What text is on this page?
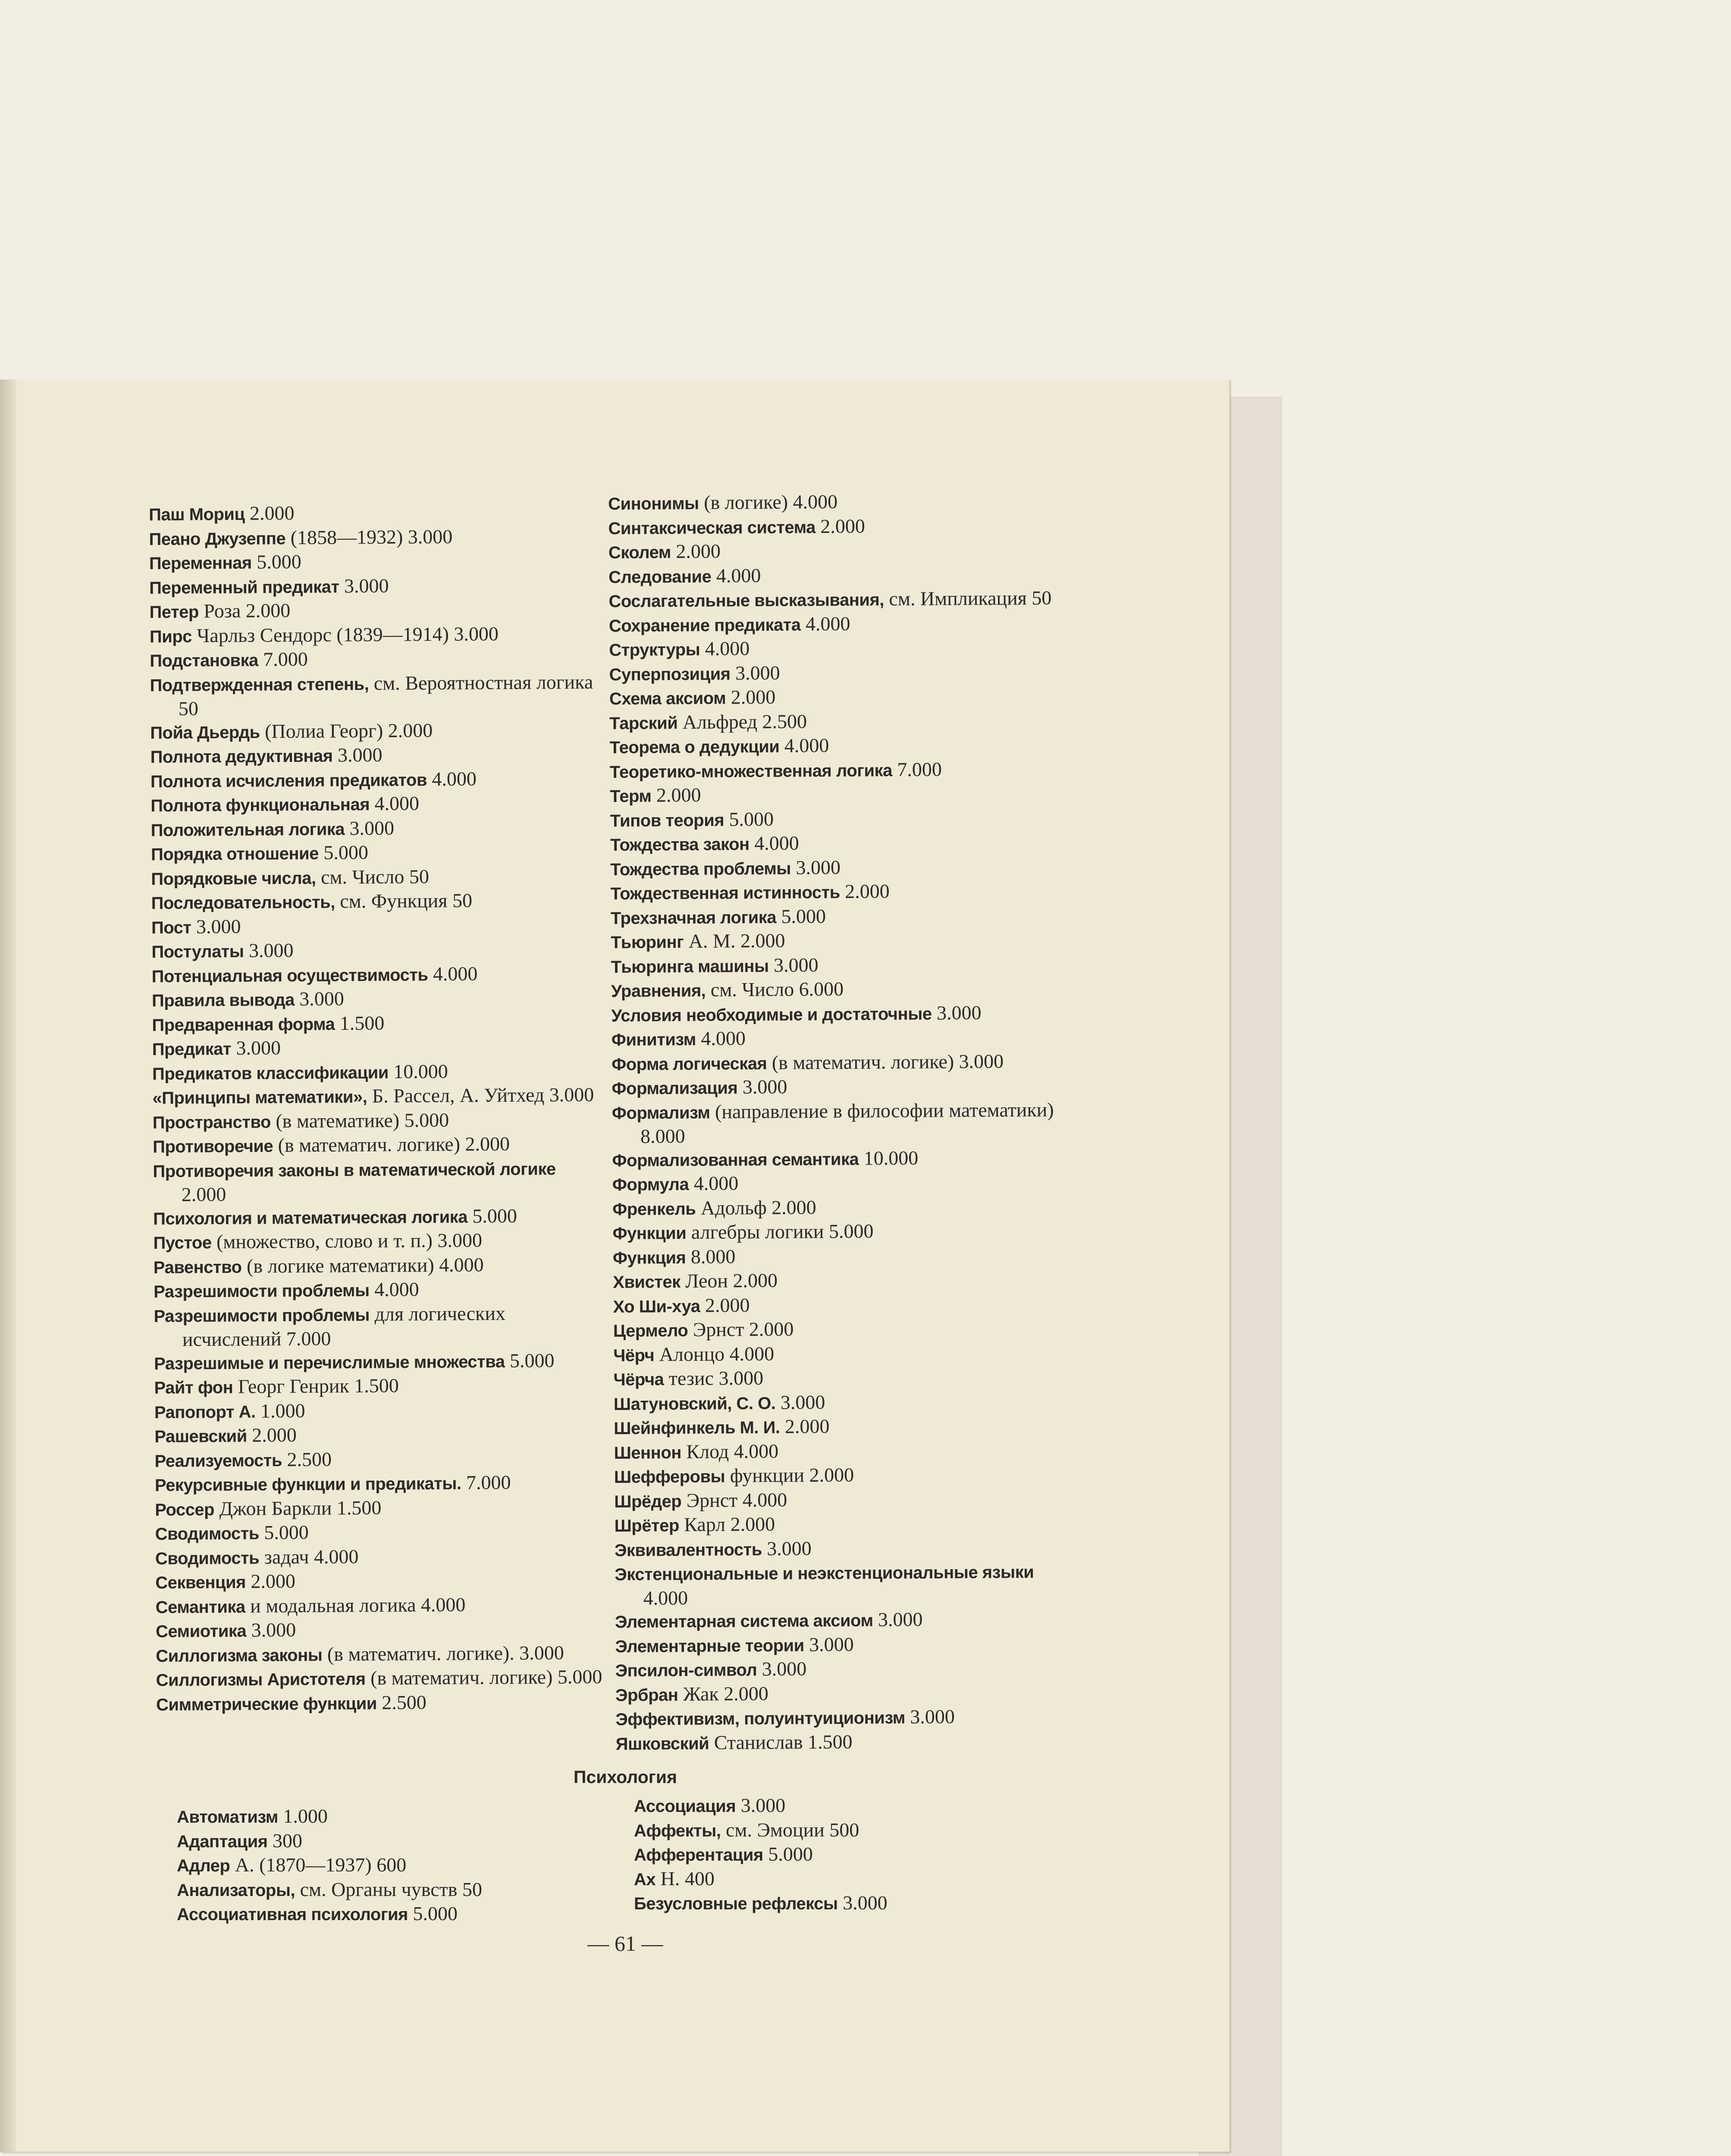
Паш Мориц 2.000
Пеано Джузеппе (1858—1932) 3.000
Переменная 5.000
Переменный предикат 3.000
Петер Роза 2.000
Пирс Чарльз Сендорс (1839—1914) 3.000
Подстановка 7.000
Подтвержденная степень, см. Вероятностная логика 50
Пойа Дьердь (Полиа Георг) 2.000
Полнота дедуктивная 3.000
Полнота исчисления предикатов 4.000
Полнота функциональная 4.000
Положительная логика 3.000
Порядка отношение 5.000
Порядковые числа, см. Число 50
Последовательность, см. Функция 50
Пост 3.000
Постулаты 3.000
Потенциальная осуществимость 4.000
Правила вывода 3.000
Предваренная форма 1.500
Предикат 3.000
Предикатов классификации 10.000
«Принципы математики», Б. Рассел, А. Уйтхед 3.000
Пространство (в математике) 5.000
Противоречие (в математич. логике) 2.000
Противоречия законы в математической логике 2.000
Психология и математическая логика 5.000
Пустое (множество, слово и т. п.) 3.000
Равенство (в логике математики) 4.000
Разрешимости проблемы 4.000
Разрешимости проблемы для логических исчислений 7.000
Разрешимые и перечислимые множества 5.000
Райт фон Георг Генрик 1.500
Рапопорт А. 1.000
Рашевский 2.000
Реализуемость 2.500
Рекурсивные функции и предикаты. 7.000
Россер Джон Баркли 1.500
Сводимость 5.000
Сводимость задач 4.000
Секвенция 2.000
Семантика и модальная логика 4.000
Семиотика 3.000
Силлогизма законы (в математич. логике). 3.000
Силлогизмы Аристотеля (в математич. логике) 5.000
Симметрические функции 2.500
Синонимы (в логике) 4.000
Синтаксическая система 2.000
Сколем 2.000
Следование 4.000
Сослагательные высказывания, см. Импликация 50
Сохранение предиката 4.000
Структуры 4.000
Суперпозиция 3.000
Схема аксиом 2.000
Тарский Альфред 2.500
Теорема о дедукции 4.000
Теоретико-множественная логика 7.000
Терм 2.000
Типов теория 5.000
Тождества закон 4.000
Тождества проблемы 3.000
Тождественная истинность 2.000
Трехзначная логика 5.000
Тьюринг А. М. 2.000
Тьюринга машины 3.000
Уравнения, см. Число 6.000
Условия необходимые и достаточные 3.000
Финитизм 4.000
Форма логическая (в математич. логике) 3.000
Формализация 3.000
Формализм (направление в философии математики) 8.000
Формализованная семантика 10.000
Формула 4.000
Френкель Адольф 2.000
Функции алгебры логики 5.000
Функция 8.000
Хвистек Леон 2.000
Хо Ши-хуа 2.000
Цермело Эрнст 2.000
Чёрч Алонцо 4.000
Чёрча тезис 3.000
Шатуновский, С. О. 3.000
Шейнфинкель М. И. 2.000
Шеннон Клод 4.000
Шефферовы функции 2.000
Шрёдер Эрнст 4.000
Шрётер Карл 2.000
Эквивалентность 3.000
Экстенциональные и неэкстенциональные языки 4.000
Элементарная система аксиом 3.000
Элементарные теории 3.000
Эпсилон-символ 3.000
Эрбран Жак 2.000
Эффективизм, полуинтуиционизм 3.000
Яшковский Станислав 1.500
Психология
Автоматизм 1.000
Адаптация 300
Адлер А. (1870—1937) 600
Анализаторы, см. Органы чувств 50
Ассоциативная психология 5.000
Ассоциация 3.000
Аффекты, см. Эмоции 500
Афферентация 5.000
Ах Н. 400
Безусловные рефлексы 3.000
— 61 —
